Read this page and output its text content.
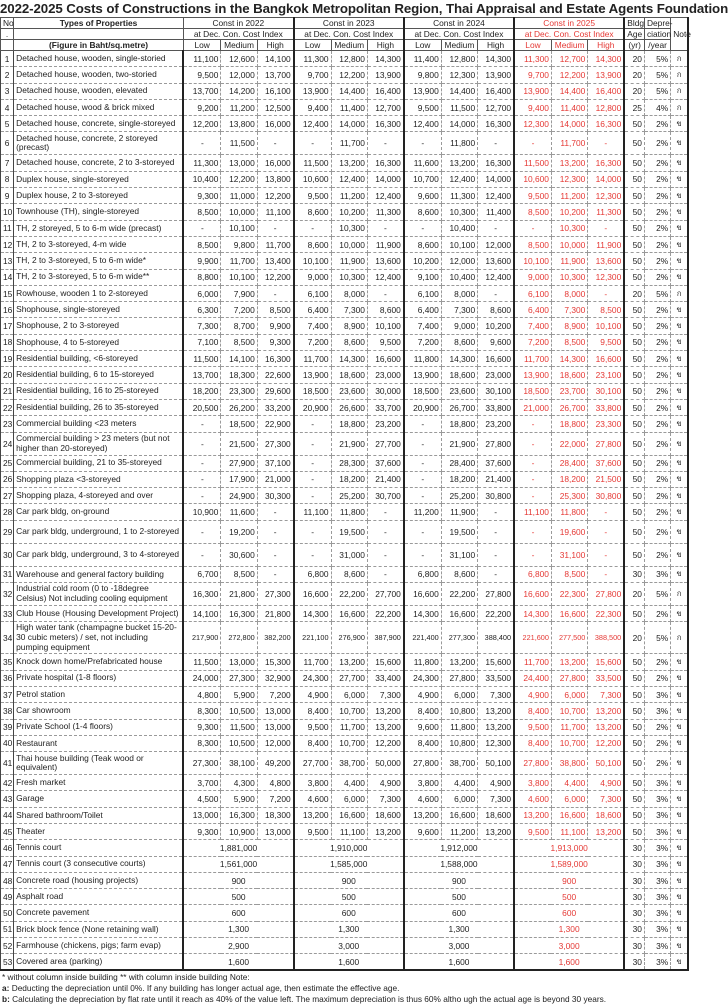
2022-2025 Costs of Constructions in the Bangkok Metropolitan Region, Thai Appraisal and Estate Agents Foundation
No	Types of Properties	Const in 2022			Const in 2023			Const in 2024			Const in 2025			Bldg	Depre-	Note
.		at Dec. Con. Cost Index			at Dec. Con. Cost Index			at Dec. Con. Cost Index			at Dec. Con. Cost Index			Age	ciation	
	(Figure in Baht/sq.metre)	Low	Medium	High	Low	Medium	High	Low	Medium	High	Low	Medium	High	(yr)	/year	
1	Detached house, wooden, single-storied	11,100	12,600	14,100	11,300	12,800	14,300	11,400	12,800	14,300	11,300	12,700	14,300	20	5%	ก
2	Detached house, wooden, two-storied	9,500	12,000	13,700	9,700	12,200	13,900	9,800	12,300	13,900	9,700	12,200	13,900	20	5%	ก
3	Detached house, wooden, elevated	13,700	14,200	16,100	13,900	14,400	16,400	13,900	14,400	16,400	13,900	14,400	16,400	20	5%	ก
4	Detached house, wood & brick mixed	9,200	11,200	12,500	9,400	11,400	12,700	9,500	11,500	12,700	9,400	11,400	12,800	25	4%	ก
5	Detached house, concrete, single-storeyed	12,200	13,800	16,000	12,400	14,000	16,300	12,400	14,000	16,300	12,300	14,000	16,300	50	2%	ข
6	Detached house, concrete, 2 storeyed (precast)	-	11,500	-	-	11,700	-	-	11,800	-	-	11,700	-	50	2%	ข
7	Detached house, concrete, 2 to 3-storeyed	11,300	13,000	16,000	11,500	13,200	16,300	11,600	13,200	16,300	11,500	13,200	16,300	50	2%	ข
8	Duplex house, single-storeyed	10,400	12,200	13,800	10,600	12,400	14,000	10,700	12,400	14,000	10,600	12,300	14,000	50	2%	ข
9	Duplex house, 2 to 3-storeyed	9,300	11,000	12,200	9,500	11,200	12,400	9,600	11,300	12,400	9,500	11,200	12,300	50	2%	ข
10	Townhouse (TH), single-storeyed	8,500	10,000	11,100	8,600	10,200	11,300	8,600	10,300	11,400	8,500	10,200	11,300	50	2%	ข
11	TH, 2 storeyed, 5 to 6-m wide (precast)	-	10,100	-	-	10,300	-	-	10,400	-	-	10,300	-	50	2%	ข
12	TH, 2 to 3-storeyed, 4-m wide	8,500	9,800	11,700	8,600	10,000	11,900	8,600	10,100	12,000	8,500	10,000	11,900	50	2%	ข
13	TH, 2 to 3-storeyed, 5 to 6-m wide*	9,900	11,700	13,400	10,100	11,900	13,600	10,200	12,000	13,600	10,100	11,900	13,600	50	2%	ข
14	TH, 2 to 3-storeyed, 5 to 6-m wide**	8,800	10,100	12,200	9,000	10,300	12,400	9,100	10,400	12,400	9,000	10,300	12,300	50	2%	ข
15	Rowhouse, wooden 1 to 2-storeyed	6,000	7,900	-	6,100	8,000	-	6,100	8,000	-	6,100	8,000	-	20	5%	ก
16	Shophouse, single-storeyed	6,300	7,200	8,500	6,400	7,300	8,600	6,400	7,300	8,600	6,400	7,300	8,500	50	2%	ข
17	Shophouse, 2 to 3-storeyed	7,300	8,700	9,900	7,400	8,900	10,100	7,400	9,000	10,200	7,400	8,900	10,100	50	2%	ข
18	Shophouse, 4 to 5-storeyed	7,100	8,500	9,300	7,200	8,600	9,500	7,200	8,600	9,600	7,200	8,500	9,500	50	2%	ข
19	Residential building, <6-storeyed	11,500	14,100	16,300	11,700	14,300	16,600	11,800	14,300	16,600	11,700	14,300	16,600	50	2%	ข
20	Residential building, 6 to 15-storeyed	13,700	18,300	22,600	13,900	18,600	23,000	13,900	18,600	23,000	13,900	18,600	23,100	50	2%	ข
21	Residential building, 16 to 25-storeyed	18,200	23,300	29,600	18,500	23,600	30,000	18,500	23,600	30,100	18,500	23,700	30,100	50	2%	ข
22	Residential building, 26 to 35-storeyed	20,500	26,200	33,200	20,900	26,600	33,700	20,900	26,700	33,800	21,000	26,700	33,800	50	2%	ข
23	Commercial building <23 meters	-	18,500	22,900	-	18,800	23,200	-	18,800	23,200	-	18,800	23,300	50	2%	ข
24	Commercial building > 23 meters (but not higher than 20-storeyed)	-	21,500	27,300	-	21,900	27,700	-	21,900	27,800	-	22,000	27,800	50	2%	ข
25	Commercial building, 21 to 35-storeyed	-	27,900	37,100	-	28,300	37,600	-	28,400	37,600	-	28,400	37,600	50	2%	ข
26	Shopping plaza <3-storeyed	-	17,900	21,000	-	18,200	21,400	-	18,200	21,400	-	18,200	21,500	50	2%	ข
27	Shopping plaza, 4-storeyed and over	-	24,900	30,300	-	25,200	30,700	-	25,200	30,800	-	25,300	30,800	50	2%	ข
28	Car park bldg, on-ground	10,900	11,600	-	11,100	11,800	-	11,200	11,900	-	11,100	11,800	-	50	2%	ข
29	Car park bldg, underground, 1 to 2-storeyed	-	19,200	-	-	19,500	-	-	19,500	-	-	19,600	-	50	2%	ข
30	Car park bldg, underground, 3 to 4-storeyed	-	30,600	-	-	31,000	-	-	31,100	-	-	31,100	-	50	2%	ข
31	Warehouse and general factory building	6,700	8,500	-	6,800	8,600	-	6,800	8,600	-	6,800	8,500	-	30	3%	ข
32	Industrial cold room (0 to -18degree Celsius) Not including cooling equipment	16,300	21,800	27,300	16,600	22,200	27,700	16,600	22,200	27,800	16,600	22,300	27,800	20	5%	ก
33	Club House (Housing Development Project)	14,100	16,300	21,800	14,300	16,600	22,200	14,300	16,600	22,200	14,300	16,600	22,300	50	2%	ข
34	High water tank (champagne bucket 15-20-30 cubic meters) / set, not including pumping equipment	217,900	272,800	382,200	221,100	276,900	387,900	221,400	277,300	388,400	221,600	277,500	388,500	20	5%	ก
35	Knock down home/Prefabricated house	11,500	13,000	15,300	11,700	13,200	15,600	11,800	13,200	15,600	11,700	13,200	15,600	50	2%	ข
36	Private hospital (1-8 floors)	24,000	27,300	32,900	24,300	27,700	33,400	24,300	27,800	33,500	24,400	27,800	33,500	50	2%	ข
37	Petrol station	4,800	5,900	7,200	4,900	6,000	7,300	4,900	6,000	7,300	4,900	6,000	7,300	50	3%	ข
38	Car showroom	8,300	10,500	13,000	8,400	10,700	13,200	8,400	10,800	13,200	8,400	10,700	13,200	50	3%	ข
39	Private School (1-4 floors)	9,300	11,500	13,000	9,500	11,700	13,200	9,600	11,800	13,200	9,500	11,700	13,200	50	2%	ข
40	Restaurant	8,300	10,500	12,000	8,400	10,700	12,200	8,400	10,800	12,300	8,400	10,700	12,200	50	2%	ข
41	Thai house building (Teak wood or equivalent)	27,300	38,100	49,200	27,700	38,700	50,000	27,800	38,700	50,100	27,800	38,800	50,100	50	2%	ข
42	Fresh market	3,700	4,300	4,800	3,800	4,400	4,900	3,800	4,400	4,900	3,800	4,400	4,900	50	3%	ข
43	Garage	4,500	5,900	7,200	4,600	6,000	7,300	4,600	6,000	7,300	4,600	6,000	7,300	50	3%	ข
44	Shared bathroom/Toilet	13,000	16,300	18,300	13,200	16,600	18,600	13,200	16,600	18,600	13,200	16,600	18,600	50	3%	ข
45	Theater	9,300	10,900	13,000	9,500	11,100	13,200	9,600	11,200	13,200	9,500	11,100	13,200	50	3%	ข
46	Tennis court	1,881,000			1,910,000			1,912,000			1,913,000			30	3%	ข
47	Tennis court (3 consecutive courts)	1,561,000			1,585,000			1,588,000			1,589,000			30	3%	ข
48	Concrete road (housing projects)	900			900			900			900			30	3%	ข
49	Asphalt road	500			500			500			500			30	3%	ข
50	Concrete pavement	600			600			600			600			30	3%	ข
51	Brick block fence (None retaining wall)	1,300			1,300			1,300			1,300			30	3%	ข
52	Farmhouse (chickens, pigs; farm evap)	2,900			3,000			3,000			3,000			30	3%	ข
53	Covered area (parking)	1,600			1,600			1,600			1,600			30	3%	ข
* without column inside building ** with column inside building Note:
a: Deducting the depreciation until 0%. If any building has longer actual age, then estimate the effective age.
b: Calculating the depreciation by flat rate until it reach as 40% of the value left. The maximum depreciation is thus 60% altho ugh the actual age is beyond 30 years.
